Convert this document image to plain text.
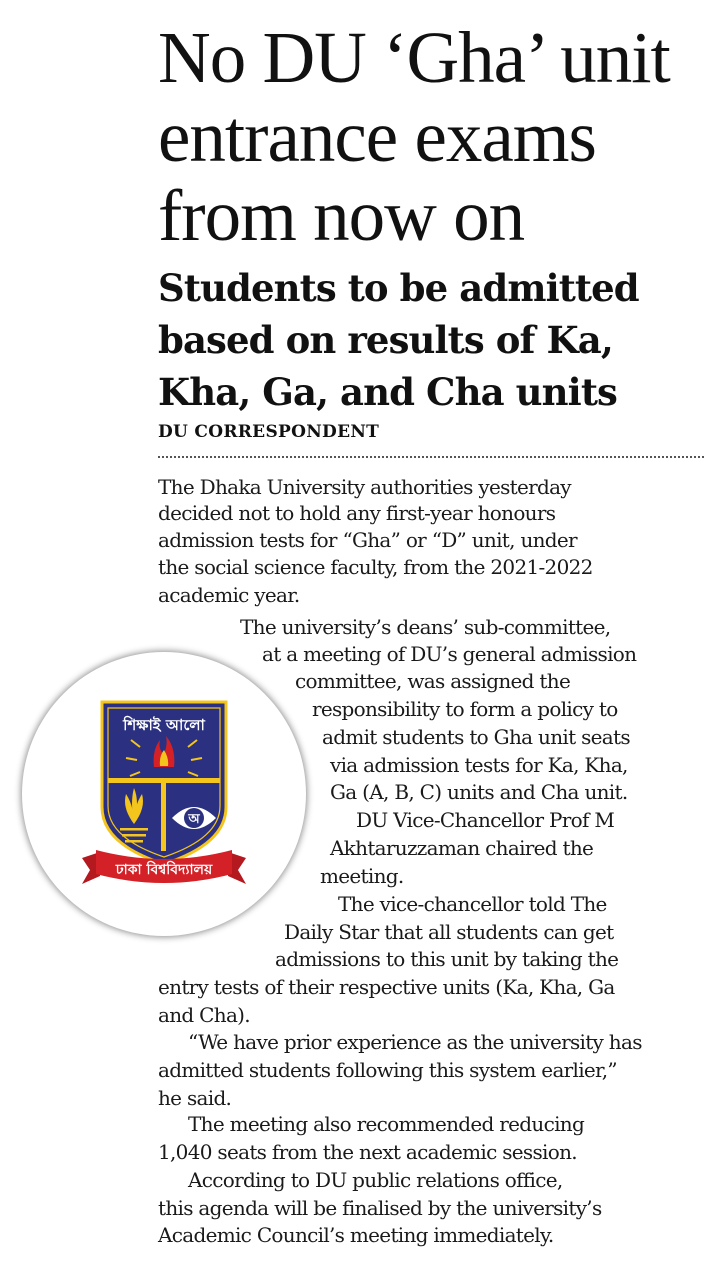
No DU ‘Gha’ unit
entrance exams
from now on
Students to be admitted
based on results of Ka,
Kha, Ga, and Cha units
DU CORRESPONDENT
শিক্ষাই আলো
অ
ঢাকা বিশ্ববিদ্যালয়
The Dhaka University authorities yesterday
decided not to hold any first-year honours
admission tests for “Gha” or “D” unit, under
the social science faculty, from the 2021-2022
academic year.
The university’s deans’ sub-committee,
at a meeting of DU’s general admission
committee, was assigned the
responsibility to form a policy to
admit students to Gha unit seats
via admission tests for Ka, Kha,
Ga (A, B, C) units and Cha unit.
DU Vice-Chancellor Prof M
Akhtaruzzaman chaired the
meeting.
The vice-chancellor told The
Daily Star that all students can get
admissions to this unit by taking the
entry tests of their respective units (Ka, Kha, Ga
and Cha).
“We have prior experience as the university has
admitted students following this system earlier,”
he said.
The meeting also recommended reducing
1,040 seats from the next academic session.
According to DU public relations office,
this agenda will be finalised by the university’s
Academic Council’s meeting immediately.
